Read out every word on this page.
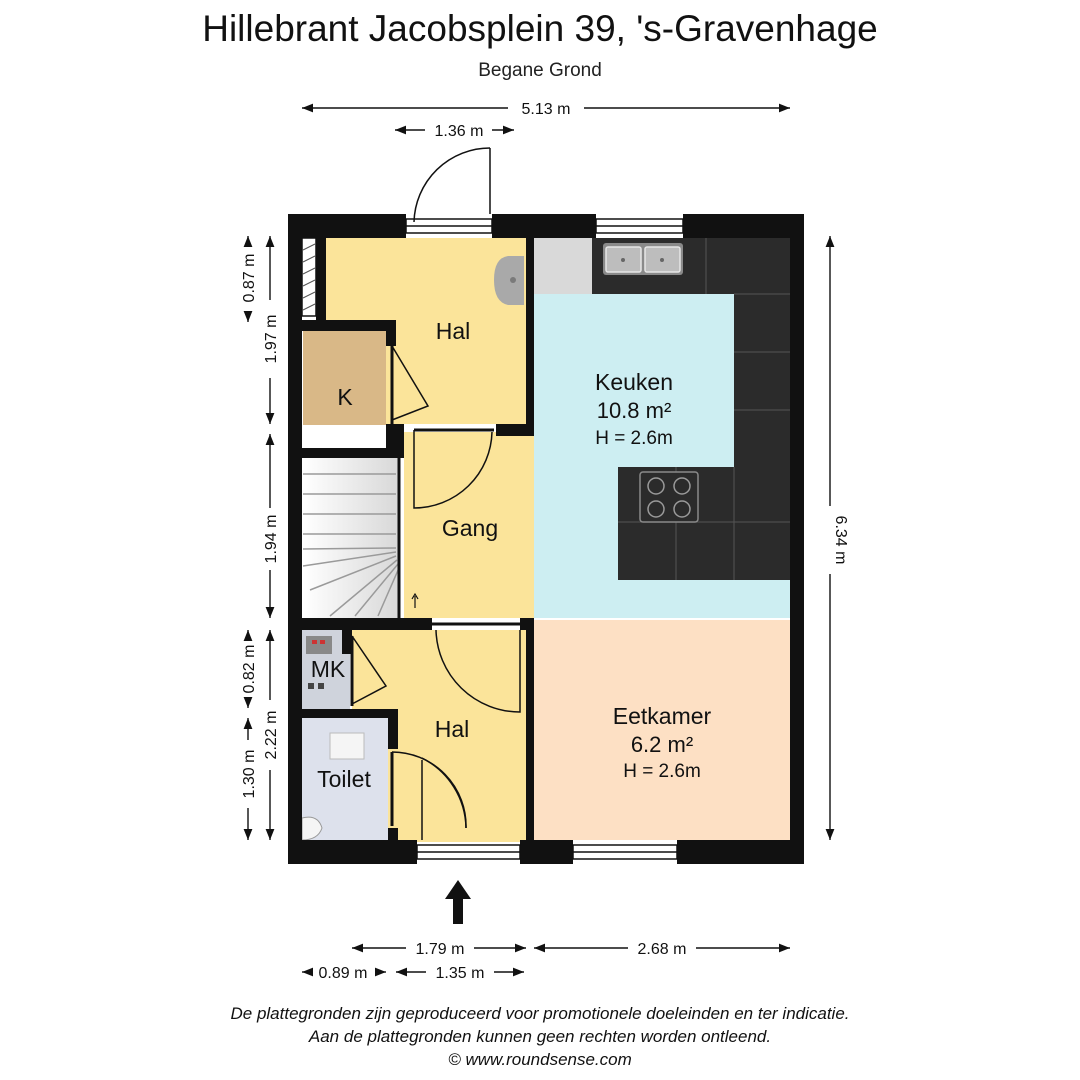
Hillebrant Jacobsplein 39, 's-Gravenhage
Begane Grond
Hal
K
Keuken
10.8 m²
H = 2.6m
Gang
MK
Hal
Toilet
Eetkamer
6.2 m²
H = 2.6m
5.13 m
1.36 m
6.34 m
0.87 m
1.97 m
1.94 m
0.82 m
2.22 m
1.30 m
1.79 m	2.68 m
0.89 m	1.35 m
De plattegronden zijn geproduceerd voor promotionele doeleinden en ter indicatie.
Aan de plattegronden kunnen geen rechten worden ontleend.
© www.roundsense.com
